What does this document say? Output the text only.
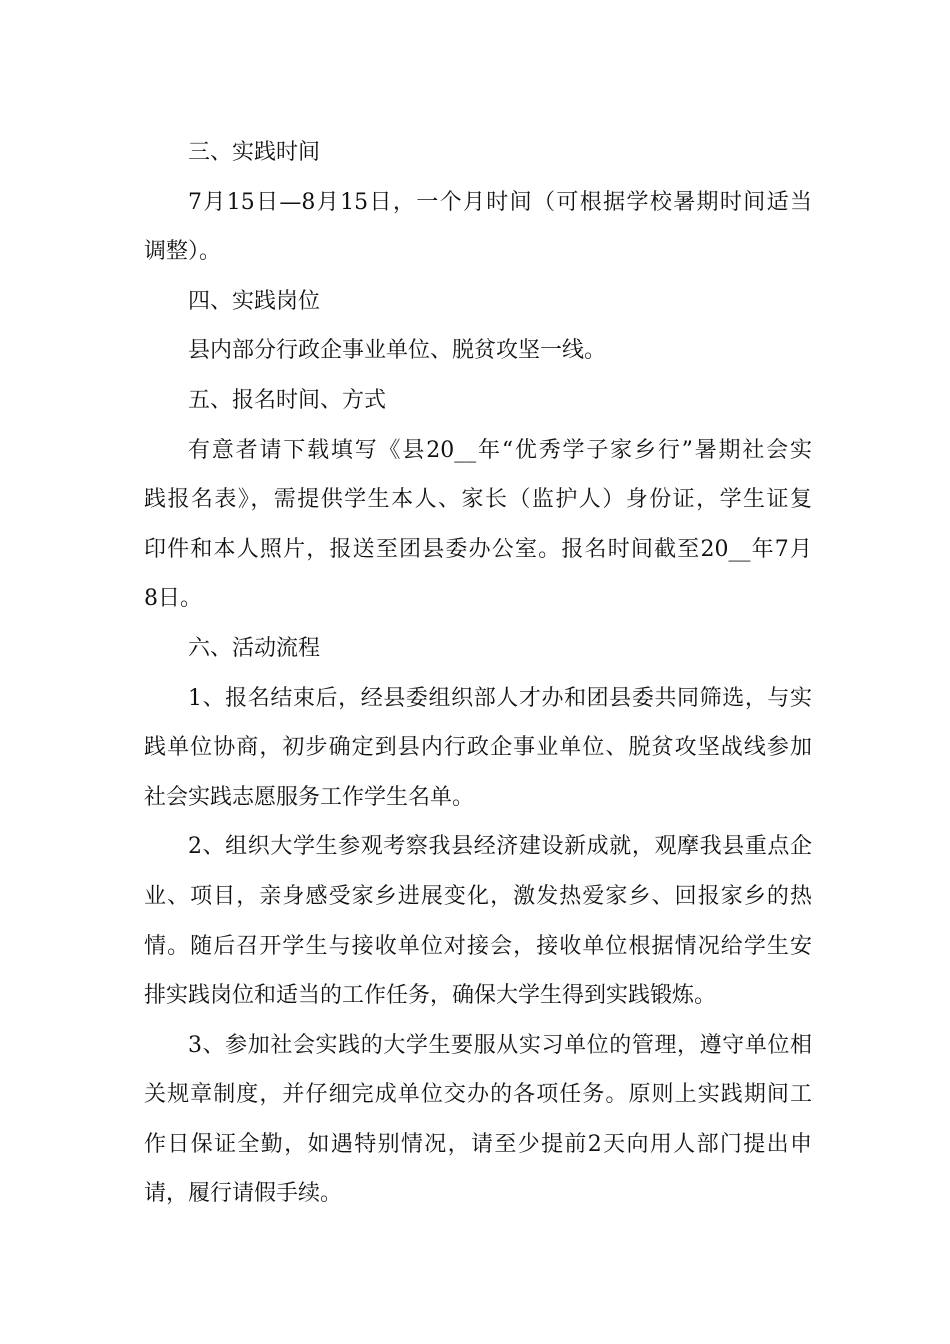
三、实践时间

7月15日—8月15日，一个月时间（可根据学校暑期时间适当
调整）。

四、实践岗位

县内部分行政企事业单位、脱贫攻坚一线。

五、报名时间、方式

有意者请下载填写《县20__年“优秀学子家乡行”暑期社会实
践报名表》，需提供学生本人、家长（监护人）身份证，学生证复
印件和本人照片，报送至团县委办公室。报名时间截至20__年7月
8日。

六、活动流程

1、报名结束后，经县委组织部人才办和团县委共同筛选，与实
践单位协商，初步确定到县内行政企事业单位、脱贫攻坚战线参加
社会实践志愿服务工作学生名单。

2、组织大学生参观考察我县经济建设新成就，观摩我县重点企
业、项目，亲身感受家乡进展变化，激发热爱家乡、回报家乡的热
情。随后召开学生与接收单位对接会，接收单位根据情况给学生安
排实践岗位和适当的工作任务，确保大学生得到实践锻炼。

3、参加社会实践的大学生要服从实习单位的管理，遵守单位相
关规章制度，并仔细完成单位交办的各项任务。原则上实践期间工
作日保证全勤，如遇特别情况，请至少提前2天向用人部门提出申
请，履行请假手续。
